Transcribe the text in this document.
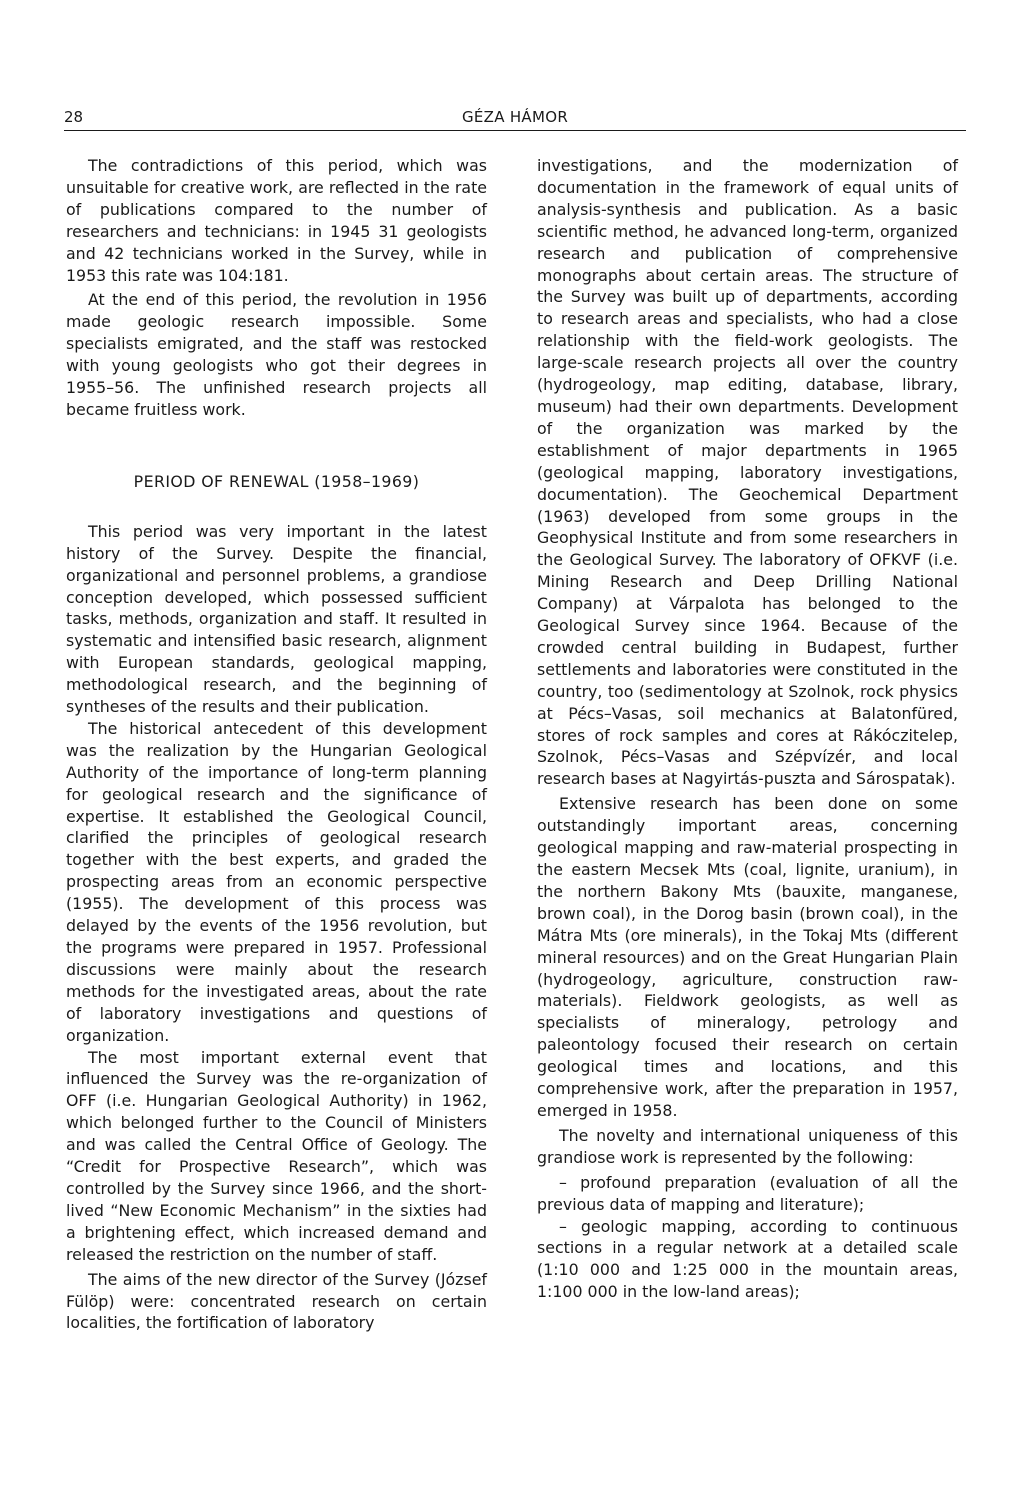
28	GÉZA HÁMOR

The contradictions of this period, which was unsuitable for creative work, are reflected in the rate of publications compared to the number of researchers and technicians: in 1945 31 geologists and 42 technicians worked in the Survey, while in 1953 this rate was 104:181.

At the end of this period, the revolution in 1956 made geologic research impossible. Some specialists emigrated, and the staff was restocked with young geologists who got their degrees in 1955–56. The unfinished research projects all became fruitless work.

PERIOD OF RENEWAL (1958–1969)

This period was very important in the latest history of the Survey. Despite the financial, organizational and personnel problems, a grandiose conception developed, which possessed sufficient tasks, methods, organization and staff. It resulted in systematic and intensified basic research, alignment with European standards, geological mapping, methodological research, and the beginning of syntheses of the results and their publication.

The historical antecedent of this development was the realization by the Hungarian Geological Authority of the importance of long-term planning for geological research and the significance of expertise. It established the Geological Council, clarified the principles of geological research together with the best experts, and graded the prospecting areas from an economic perspective (1955). The development of this process was delayed by the events of the 1956 revolution, but the programs were prepared in 1957. Professional discussions were mainly about the research methods for the investigated areas, about the rate of laboratory investigations and questions of organization.

The most important external event that influenced the Survey was the re-organization of OFF (i.e. Hungarian Geological Authority) in 1962, which belonged further to the Council of Ministers and was called the Central Office of Geology. The “Credit for Prospective Research”, which was controlled by the Survey since 1966, and the short-lived “New Economic Mechanism” in the sixties had a brightening effect, which increased demand and released the restriction on the number of staff.

The aims of the new director of the Survey (József Fülöp) were: concentrated research on certain localities, the fortification of laboratory

investigations, and the modernization of documentation in the framework of equal units of analysis-synthesis and publication. As a basic scientific method, he advanced long-term, organized research and publication of comprehensive monographs about certain areas. The structure of the Survey was built up of departments, according to research areas and specialists, who had a close relationship with the field-work geologists. The large-scale research projects all over the country (hydrogeology, map editing, database, library, museum) had their own departments. Development of the organization was marked by the establishment of major departments in 1965 (geological mapping, laboratory investigations, documentation). The Geochemical Department (1963) developed from some groups in the Geophysical Institute and from some researchers in the Geological Survey. The laboratory of OFKVF (i.e. Mining Research and Deep Drilling National Company) at Várpalota has belonged to the Geological Survey since 1964. Because of the crowded central building in Budapest, further settlements and laboratories were constituted in the country, too (sedimentology at Szolnok, rock physics at Pécs–Vasas, soil mechanics at Balatonfüred, stores of rock samples and cores at Rákóczitelep, Szolnok, Pécs–Vasas and Szépvízér, and local research bases at Nagyirtás-puszta and Sárospatak).

Extensive research has been done on some outstandingly important areas, concerning geological mapping and raw-material prospecting in the eastern Mecsek Mts (coal, lignite, uranium), in the northern Bakony Mts (bauxite, manganese, brown coal), in the Dorog basin (brown coal), in the Mátra Mts (ore minerals), in the Tokaj Mts (different mineral resources) and on the Great Hungarian Plain (hydrogeology, agriculture, construction raw-materials). Fieldwork geologists, as well as specialists of mineralogy, petrology and paleontology focused their research on certain geological times and locations, and this comprehensive work, after the preparation in 1957, emerged in 1958.

The novelty and international uniqueness of this grandiose work is represented by the following:

– profound preparation (evaluation of all the previous data of mapping and literature);

– geologic mapping, according to continuous sections in a regular network at a detailed scale (1:10 000 and 1:25 000 in the mountain areas, 1:100 000 in the low-land areas);
